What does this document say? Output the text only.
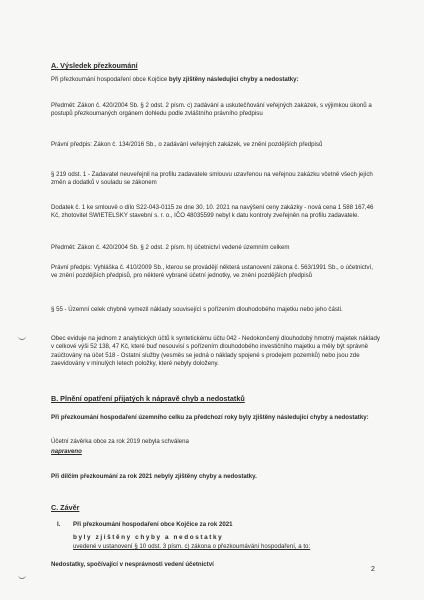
A. Výsledek přezkoumání

Při přezkoumání hospodaření obce Kojčice byly zjištěny následující chyby a nedostatky:

Předmět: Zákon č. 420/2004 Sb. § 2 odst. 2 písm. c) zadávání a uskutečňování veřejných zakázek, s výjimkou úkonů a postupů přezkoumaných orgánem dohledu podle zvláštního právního předpisu

Právní předpis: Zákon č. 134/2016 Sb., o zadávání veřejných zakázek, ve znění pozdějších předpisů

§ 219 odst. 1 - Zadavatel neuveřejnil na profilu zadavatele smlouvu uzavřenou na veřejnou zakázku včetně všech jejích změn a dodatků v souladu se zákonem

Dodatek č. 1 ke smlouvě o dílo S22-043-0115 ze dne 30. 10. 2021 na navýšení ceny zakázky - nová cena 1 588 167,46 Kč, zhotovitel SWIETELSKY stavební s. r. o., IČO 48035599 nebyl k datu kontroly zveřejněn na profilu zadavatele.

Předmět: Zákon č. 420/2004 Sb. § 2 odst. 2 písm. h) účetnictví vedené územním celkem

Právní předpis: Vyhláška č. 410/2009 Sb., kterou se provádějí některá ustanovení zákona č. 563/1991 Sb., o účetnictví, ve znění pozdějších předpisů, pro některé vybrané účetní jednotky, ve znění pozdějších předpisů

§ 55 - Územní celek chybně vymezil náklady související s pořízením dlouhodobého majetku nebo jeho části.

Obec eviduje na jednom z analytických účtů k syntetickému účtu 042 - Nedokončený dlouhodobý hmotný majetek náklady v celkové výši 52 138, 47 Kč, které buď nesouvisí s pořízením dlouhodobého investičního majetku a měly být správně zaúčtovány na účet 518 - Ostatní služby (vesměs se jedná o náklady spojené s prodejem pozemků) nebo jsou zde zaevidovány v minulých letech položky, které nebyly doloženy.

B. Plnění opatření přijatých k nápravě chyb a nedostatků

Při přezkoumání hospodaření územního celku za předchozí roky byly zjištěny následující chyby a nedostatky:

Účetní závěrka obce za rok 2019 nebyla schválena

napraveno

Při dílčím přezkoumání za rok 2021 nebyly zjištěny chyby a nedostatky.

C. Závěr

I.	Při přezkoumání hospodaření obce Kojčice za rok 2021

byly zjištěny chyby a nedostatky

uvedené v ustanovení § 10 odst. 3 písm. c) zákona o přezkoumávání hospodaření, a to:

Nedostatky, spočívající v nesprávnosti vedení účetnictví

2
